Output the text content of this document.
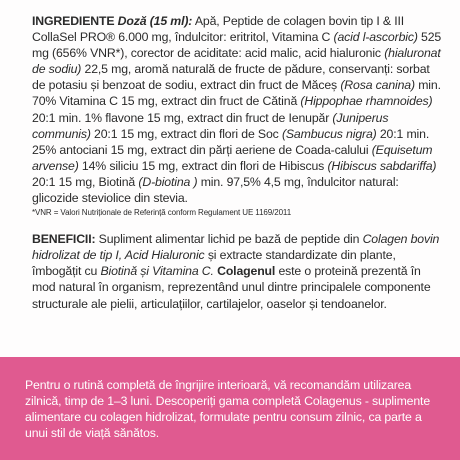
INGREDIENTE Doză (15 ml): Apă, Peptide de colagen bovin tip I & III CollaSel PRO® 6.000 mg, îndulcitor: eritritol, Vitamina C (acid l-ascorbic) 525 mg (656% VNR*), corector de aciditate: acid malic, acid hialuronic (hialuronat de sodiu) 22,5 mg, aromă naturală de fructe de pădure, conservanți: sorbat de potasiu și benzoat de sodiu, extract din fruct de Măceș (Rosa canina) min. 70% Vitamina C 15 mg, extract din fruct de Cătină (Hippophae rhamnoides) 20:1 min. 1% flavone 15 mg, extract din fruct de Ienupăr (Juniperus communis) 20:1 15 mg, extract din flori de Soc (Sambucus nigra) 20:1 min. 25% antociani 15 mg, extract din părți aeriene de Coada-calului (Equisetum arvense) 14% siliciu 15 mg, extract din flori de Hibiscus (Hibiscus sabdariffa) 20:1 15 mg, Biotină (D-biotina ) min. 97,5% 4,5 mg, îndulcitor natural: glicozide steviolice din stevia.

*VNR = Valori Nutriționale de Referință conform Regulament UE 1169/2011

BENEFICII: Supliment alimentar lichid pe bază de peptide din Colagen bovin hidrolizat de tip I, Acid Hialuronic și extracte standardizate din plante, îmbogățit cu Biotină și Vitamina C. Colagenul este o proteină prezentă în mod natural în organism, reprezentând unul dintre principalele componente structurale ale pielii, articulațiilor, cartilajelor, oaselor și tendoanelor.

Pentru o rutină completă de îngrijire interioară, vă recomandăm utilizarea zilnică, timp de 1–3 luni. Descoperiți gama completă Colagenus - suplimente alimentare cu colagen hidrolizat, formulate pentru consum zilnic, ca parte a unui stil de viață sănătos.
